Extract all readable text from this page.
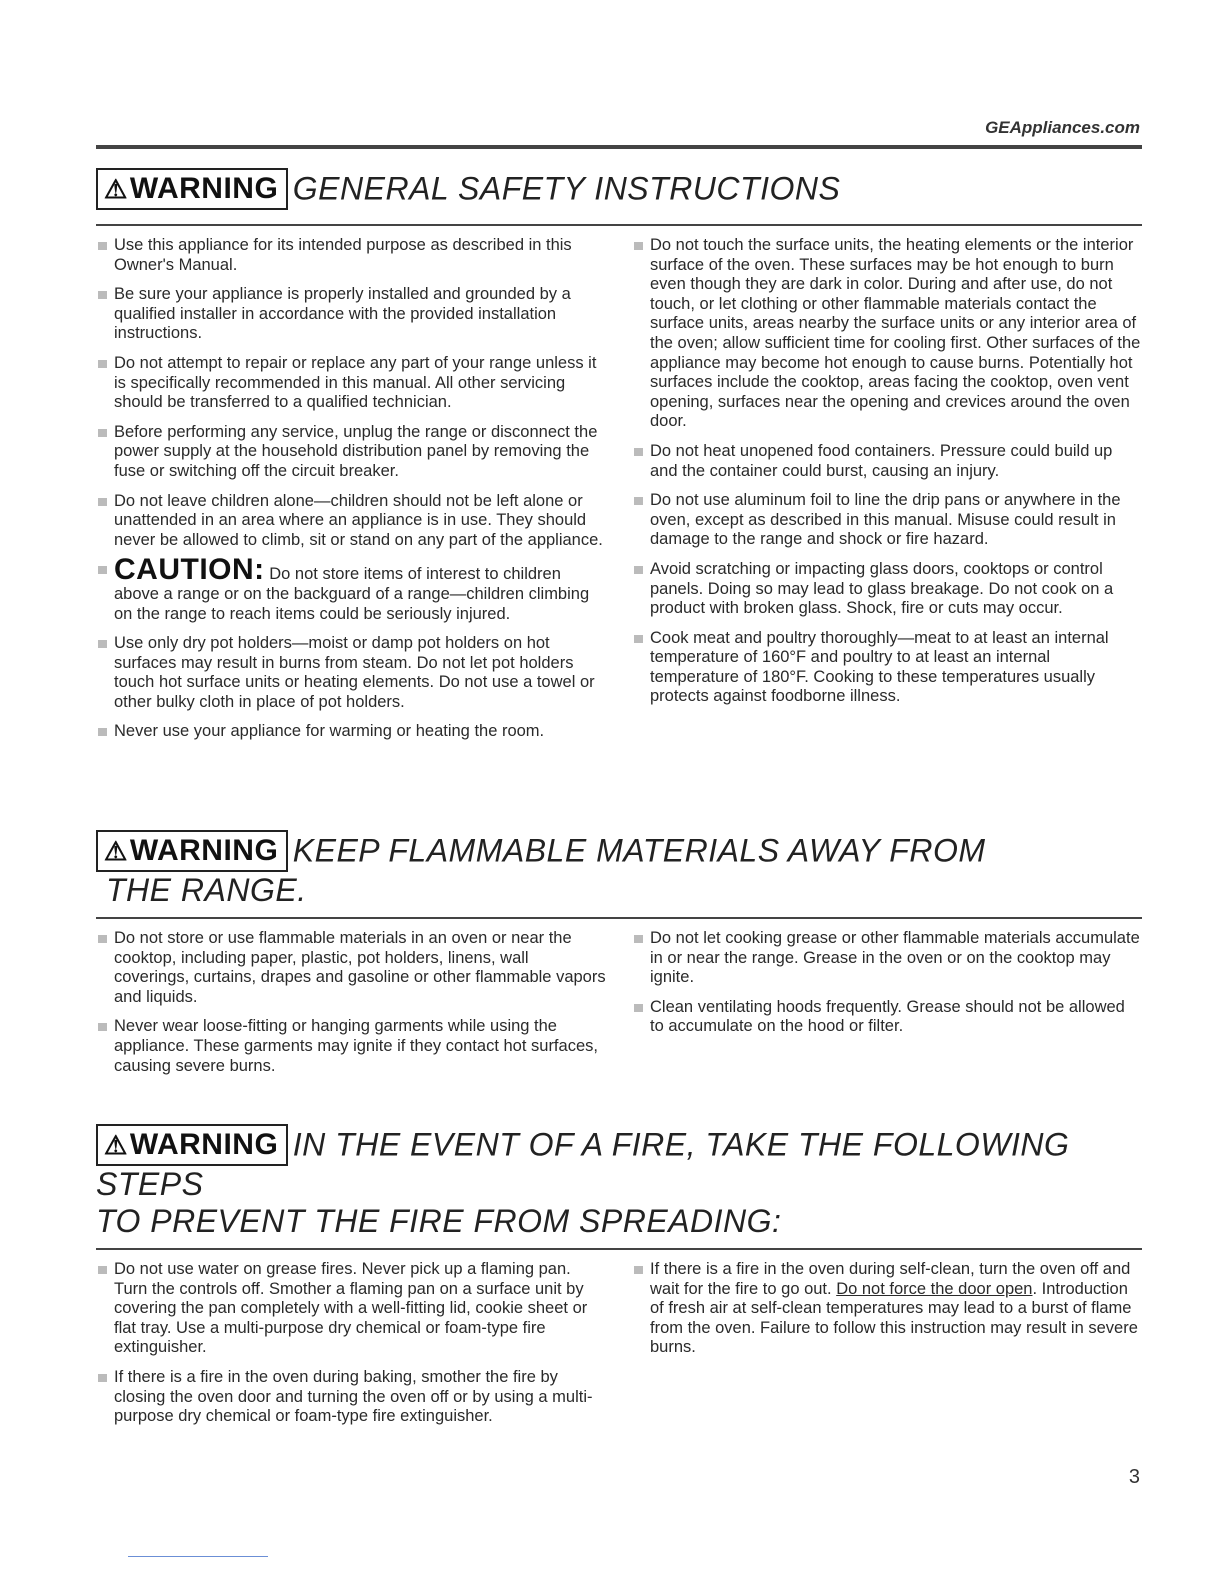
GEAppliances.com
⚠WARNING GENERAL SAFETY INSTRUCTIONS
Use this appliance for its intended purpose as described in this Owner's Manual.
Be sure your appliance is properly installed and grounded by a qualified installer in accordance with the provided installation instructions.
Do not attempt to repair or replace any part of your range unless it is specifically recommended in this manual. All other servicing should be transferred to a qualified technician.
Before performing any service, unplug the range or disconnect the power supply at the household distribution panel by removing the fuse or switching off the circuit breaker.
Do not leave children alone—children should not be left alone or unattended in an area where an appliance is in use. They should never be allowed to climb, sit or stand on any part of the appliance.
CAUTION: Do not store items of interest to children above a range or on the backguard of a range—children climbing on the range to reach items could be seriously injured.
Use only dry pot holders—moist or damp pot holders on hot surfaces may result in burns from steam. Do not let pot holders touch hot surface units or heating elements. Do not use a towel or other bulky cloth in place of pot holders.
Never use your appliance for warming or heating the room.
Do not touch the surface units, the heating elements or the interior surface of the oven. These surfaces may be hot enough to burn even though they are dark in color. During and after use, do not touch, or let clothing or other flammable materials contact the surface units, areas nearby the surface units or any interior area of the oven; allow sufficient time for cooling first. Other surfaces of the appliance may become hot enough to cause burns. Potentially hot surfaces include the cooktop, areas facing the cooktop, oven vent opening, surfaces near the opening and crevices around the oven door.
Do not heat unopened food containers. Pressure could build up and the container could burst, causing an injury.
Do not use aluminum foil to line the drip pans or anywhere in the oven, except as described in this manual. Misuse could result in damage to the range and shock or fire hazard.
Avoid scratching or impacting glass doors, cooktops or control panels. Doing so may lead to glass breakage. Do not cook on a product with broken glass. Shock, fire or cuts may occur.
Cook meat and poultry thoroughly—meat to at least an internal temperature of 160°F and poultry to at least an internal temperature of 180°F. Cooking to these temperatures usually protects against foodborne illness.
⚠WARNING KEEP FLAMMABLE MATERIALS AWAY FROM
THE RANGE.
Do not store or use flammable materials in an oven or near the cooktop, including paper, plastic, pot holders, linens, wall coverings, curtains, drapes and gasoline or other flammable vapors and liquids.
Never wear loose-fitting or hanging garments while using the appliance. These garments may ignite if they contact hot surfaces, causing severe burns.
Do not let cooking grease or other flammable materials accumulate in or near the range. Grease in the oven or on the cooktop may ignite.
Clean ventilating hoods frequently. Grease should not be allowed to accumulate on the hood or filter.
⚠WARNING IN THE EVENT OF A FIRE, TAKE THE FOLLOWING STEPS
TO PREVENT THE FIRE FROM SPREADING:
Do not use water on grease fires. Never pick up a flaming pan. Turn the controls off. Smother a flaming pan on a surface unit by covering the pan completely with a well-fitting lid, cookie sheet or flat tray. Use a multi-purpose dry chemical or foam-type fire extinguisher.
If there is a fire in the oven during baking, smother the fire by closing the oven door and turning the oven off or by using a multi-purpose dry chemical or foam-type fire extinguisher.
If there is a fire in the oven during self-clean, turn the oven off and wait for the fire to go out. Do not force the door open. Introduction of fresh air at self-clean temperatures may lead to a burst of flame from the oven. Failure to follow this instruction may result in severe burns.
3
